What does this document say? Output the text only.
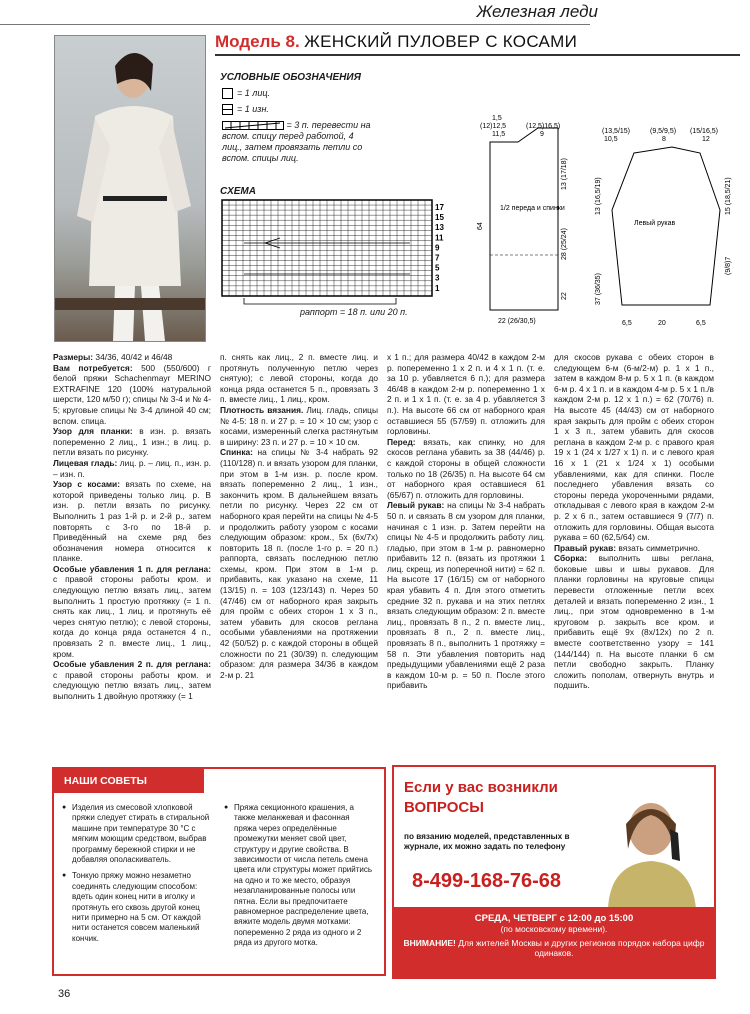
Железная леди
Модель 8. ЖЕНСКИЙ ПУЛОВЕР С КОСАМИ
УСЛОВНЫЕ ОБОЗНАЧЕНИЯ
= 1 лиц.
= 1 изн.
= 3 п. перевести на вспом. спицу перед работой, 4 лиц., затем провязать петли со вспом. спицы лиц.
СХЕМА
17
15
13
11
9
7
5
3
1
раппорт = 18 п. или 20 п.
1/2 переда и спинки
1,5
(12)12,5
11,5
(12,5)16,5)
9
64
28 (25/24)
13 (17/18)
22
22 (26/30,5)
Левый рукав
(13,5/15)	(9,5/9,5) (15/16,5)
10,5	8	12
37 (36/35)
13 (16,5/19)	15 (18,5/21)
(9/8)7
6,5	20	6,5
Размеры: 34/36, 40/42 и 46/48
Вам потребуется: 500 (550/600) г белой пряжи Schachenmayr MERINO EXTRAFINE 120 (100% натуральной шерсти, 120 м/50 г); спицы № 3-4 и № 4-5; круговые спицы № 3-4 длиной 40 см; вспом. спица.
Узор для планки: в изн. р. вязать попеременно 2 лиц., 1 изн.; в лиц. р. петли вязать по рисунку.
Лицевая гладь: лиц. р. – лиц. п., изн. р. – изн. п.
Узор с косами: вязать по схеме, на которой приведены только лиц. р. В изн. р. петли вязать по рисунку. Выполнить 1 раз 1-й р. и 2-й р., затем повторять с 3-го по 18-й р. Приведённый на схеме ряд без обозначения номера относится к планке.
Особые убавления 1 п. для реглана: с правой стороны работы кром. и следующую петлю вязать лиц., затем выполнить 1 простую протяжку (= 1 п. снять как лиц., 1 лиц. и протянуть её через снятую петлю); с левой стороны, когда до конца ряда останется 4 п., провязать 2 п. вместе лиц., 1 лиц., кром.
Особые убавления 2 п. для реглана: с правой стороны работы кром. и следующую петлю вязать лиц., затем выполнить 1 двойную протяжку (= 1
п. снять как лиц., 2 п. вместе лиц. и протянуть полученную петлю через снятую); с левой стороны, когда до конца ряда останется 5 п., провязать 3 п. вместе лиц., 1 лиц., кром.
Плотность вязания. Лиц. гладь, спицы № 4-5: 18 п. и 27 р. = 10 × 10 см; узор с косами, измеренный слегка растянутым в ширину: 23 п. и 27 р. = 10 × 10 см.
Спинка: на спицы № 3-4 набрать 92 (110/128) п. и вязать узором для планки, при этом в 1-м изн. р. после кром. вязать попеременно 2 лиц., 1 изн., закончить кром. В дальнейшем вязать петли по рисунку. Через 22 см от наборного края перейти на спицы № 4-5 и продолжить работу узором с косами следующим образом: кром., 5х (6х/7х) повторить 18 п. (после 1-го р. = 20 п.) раппорта, связать последнюю петлю схемы, кром. При этом в 1-м р. прибавить, как указано на схеме, 11 (13/15) п. = 103 (123/143) п. Через 50 (47/46) см от наборного края закрыть для пройм с обеих сторон 1 х 3 п., затем убавить для скосов реглана особыми убавлениями на протяжении 42 (50/52) р. с каждой стороны в общей сложности по 21 (30/39) п. следующим образом: для размера 34/36 в каждом 2-м р. 21
х 1 п.; для размера 40/42 в каждом 2-м р. попеременно 1 х 2 п. и 4 х 1 п. (т. е. за 10 р. убавляется 6 п.); для размера 46/48 в каждом 2-м р. попеременно 1 х 2 п. и 1 х 1 п. (т. е. за 4 р. убавляется 3 п.). На высоте 66 см от наборного края оставшиеся 55 (57/59) п. отложить для горловины.
Перед: вязать, как спинку, но для скосов реглана убавить за 38 (44/46) р. с каждой стороны в общей сложности только по 18 (26/35) п. На высоте 64 см от наборного края оставшиеся 61 (65/67) п. отложить для горловины.
Левый рукав: на спицы № 3-4 набрать 50 п. и связать 8 см узором для планки, начиная с 1 изн. р. Затем перейти на спицы № 4-5 и продолжить работу лиц. гладью, при этом в 1-м р. равномерно прибавить 12 п. (вязать из протяжки 1 лиц. скрещ. из поперечной нити) = 62 п. На высоте 17 (16/15) см от наборного края убавить 4 п. Для этого отметить средние 32 п. рукава и на этих петлях вязать следующим образом: 2 п. вместе лиц., провязать 8 п., 2 п. вместе лиц., провязать 8 п., 2 п. вместе лиц., провязать 8 п., выполнить 1 протяжку = 58 п. Эти убавления повторить над предыдущими убавлениями ещё 2 раза в каждом 10-м р. = 50 п. После этого прибавить
для скосов рукава с обеих сторон в следующем 6-м (6-м/2-м) р. 1 х 1 п., затем в каждом 8-м р. 5 х 1 п. (в каждом 6-м р. 4 х 1 п. и в каждом 4-м р. 5 х 1 п./в каждом 2-м р. 12 х 1 п.) = 62 (70/76) п. На высоте 45 (44/43) см от наборного края закрыть для пройм с обеих сторон 1 х 3 п., затем убавить для скосов реглана в каждом 2-м р. с правого края 19 х 1 (24 х 1/27 х 1) п. и с левого края 16 х 1 (21 х 1/24 х 1) особыми убавлениями, как для спинки. После последнего убавления вязать со стороны переда укороченными рядами, откладывая с левого края в каждом 2-м р. 2 х 6 п., затем оставшиеся 9 (7/7) п. отложить для горловины. Общая высота рукава = 60 (62,5/64) см.
Правый рукав: вязать симметрично.
Сборка: выполнить швы реглана, боковые швы и швы рукавов. Для планки горловины на круговые спицы перевести отложенные петли всех деталей и вязать попеременно 2 изн., 1 лиц., при этом одновременно в 1-м круговом р. закрыть все кром. и прибавить ещё 9х (8х/12х) по 2 п. вместе соответственно узору = 141 (144/144) п. На высоте планки 6 см петли свободно закрыть. Планку сложить пополам, отвернуть внутрь и подшить.
НАШИ СОВЕТЫ

● Изделия из смесовой хлопковой пряжи следует стирать в стиральной машине при температуре 30 °C с мягким моющим средством, выбрав программу бережной стирки и не добавляя ополаскиватель.

● Тонкую пряжу можно незаметно соединять следующим способом: вдеть один конец нити в иголку и протянуть его сквозь другой конец нити примерно на 5 см. От каждой нити останется совсем маленький кончик.

● Пряжа секционного крашения, а также меланжевая и фасонная пряжа через определённые промежутки меняет свой цвет, структуру и другие свойства. В зависимости от числа петель смена цвета или структуры может прийтись на одно и то же место, образуя незапланированные полосы или пятна. Если вы предпочитаете равномерное распределение цвета, вяжите модель двумя мотками: попеременно 2 ряда из одного и 2 ряда из другого мотка.

Если у вас возникли
ВОПРОСЫ
по вязанию моделей, представленных в журнале, их можно задать по телефону
8-499-168-76-68
СРЕДА, ЧЕТВЕРГ с 12:00 до 15:00
(по московскому времени).
ВНИМАНИЕ! Для жителей Москвы и других регионов порядок набора цифр одинаков.
36
